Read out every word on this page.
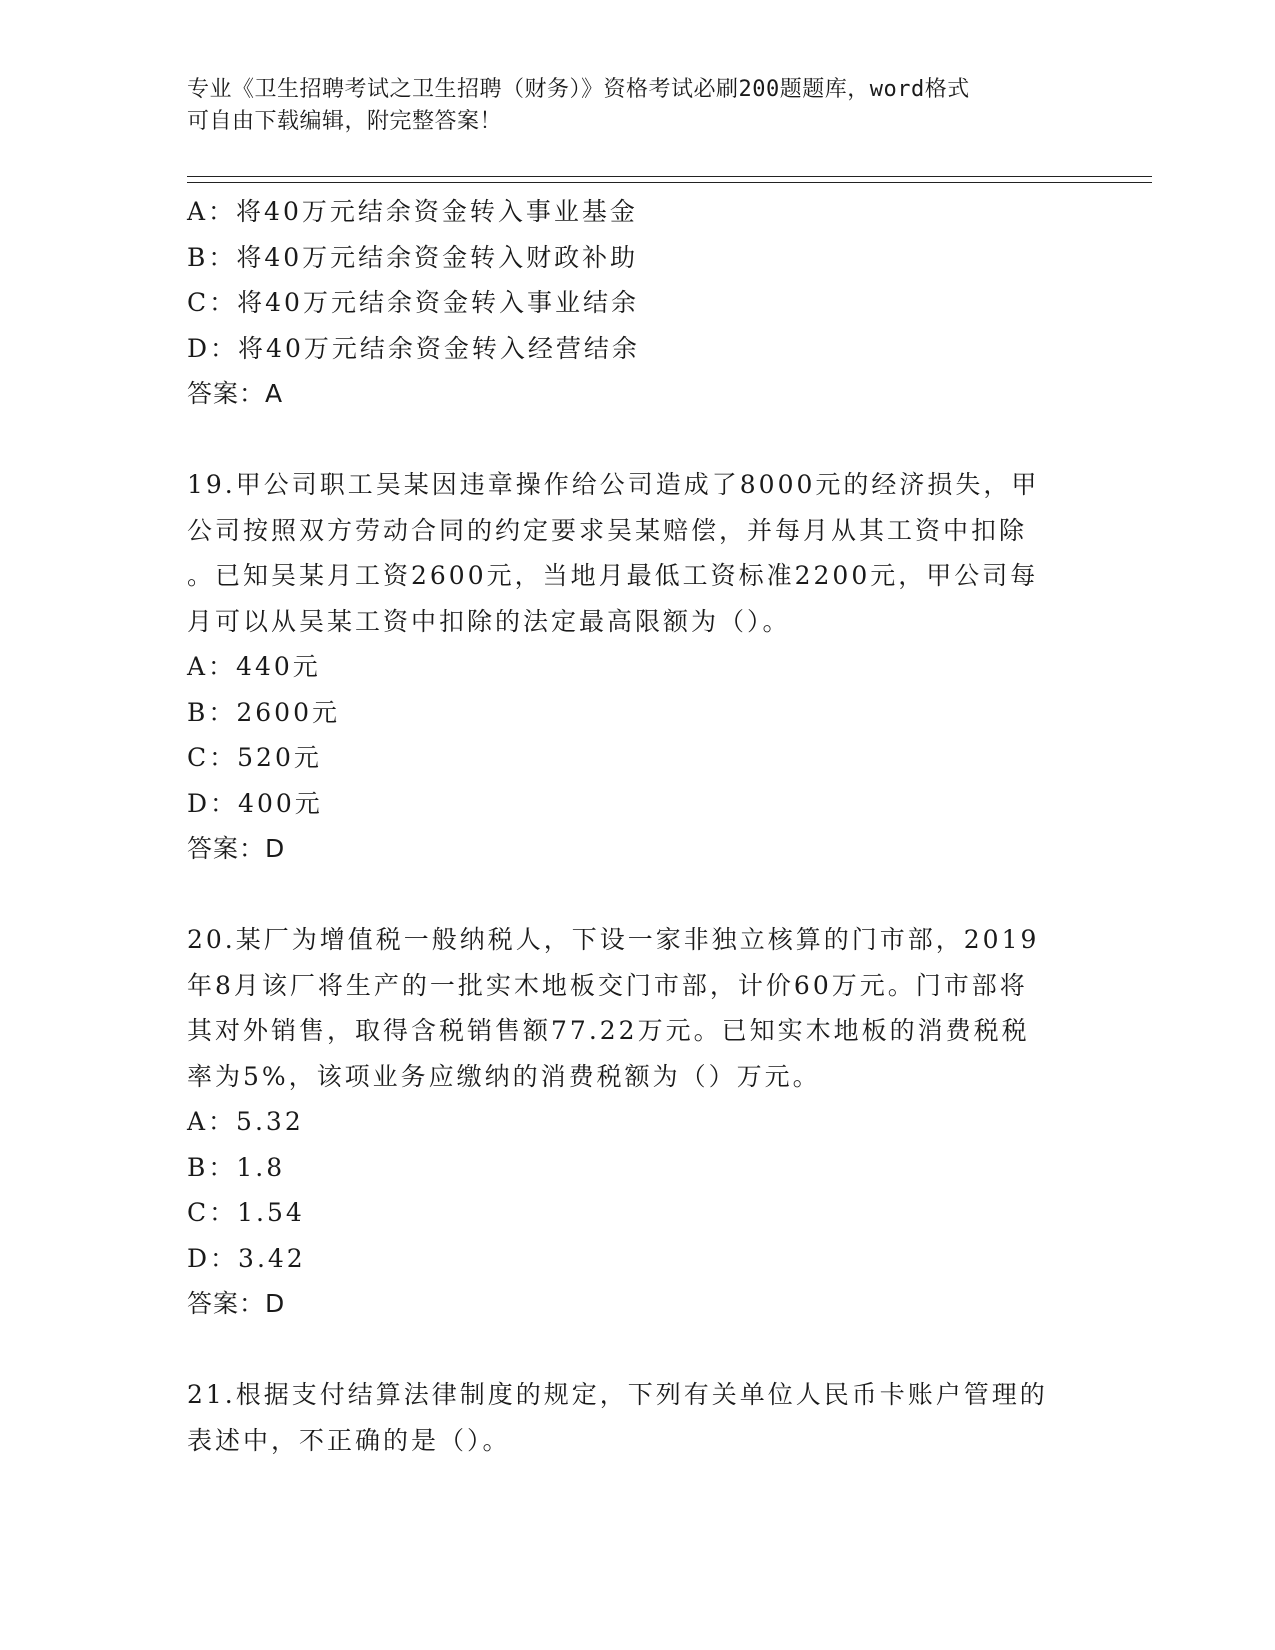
专业《卫生招聘考试之卫生招聘（财务）》资格考试必刷200题题库，word格式
可自由下载编辑，附完整答案！
A：将40万元结余资金转入事业基金
B：将40万元结余资金转入财政补助
C：将40万元结余资金转入事业结余
D：将40万元结余资金转入经营结余
答案：A
19.甲公司职工吴某因违章操作给公司造成了8000元的经济损失，甲
公司按照双方劳动合同的约定要求吴某赔偿，并每月从其工资中扣除
。已知吴某月工资2600元，当地月最低工资标准2200元，甲公司每
月可以从吴某工资中扣除的法定最高限额为（）。
A：440元
B：2600元
C：520元
D：400元
答案：D
20.某厂为增值税一般纳税人，下设一家非独立核算的门市部，2019
年8月该厂将生产的一批实木地板交门市部，计价60万元。门市部将
其对外销售，取得含税销售额77.22万元。已知实木地板的消费税税
率为5%，该项业务应缴纳的消费税额为（）万元。
A：5.32
B：1.8
C：1.54
D：3.42
答案：D
21.根据支付结算法律制度的规定，下列有关单位人民币卡账户管理的
表述中，不正确的是（）。
